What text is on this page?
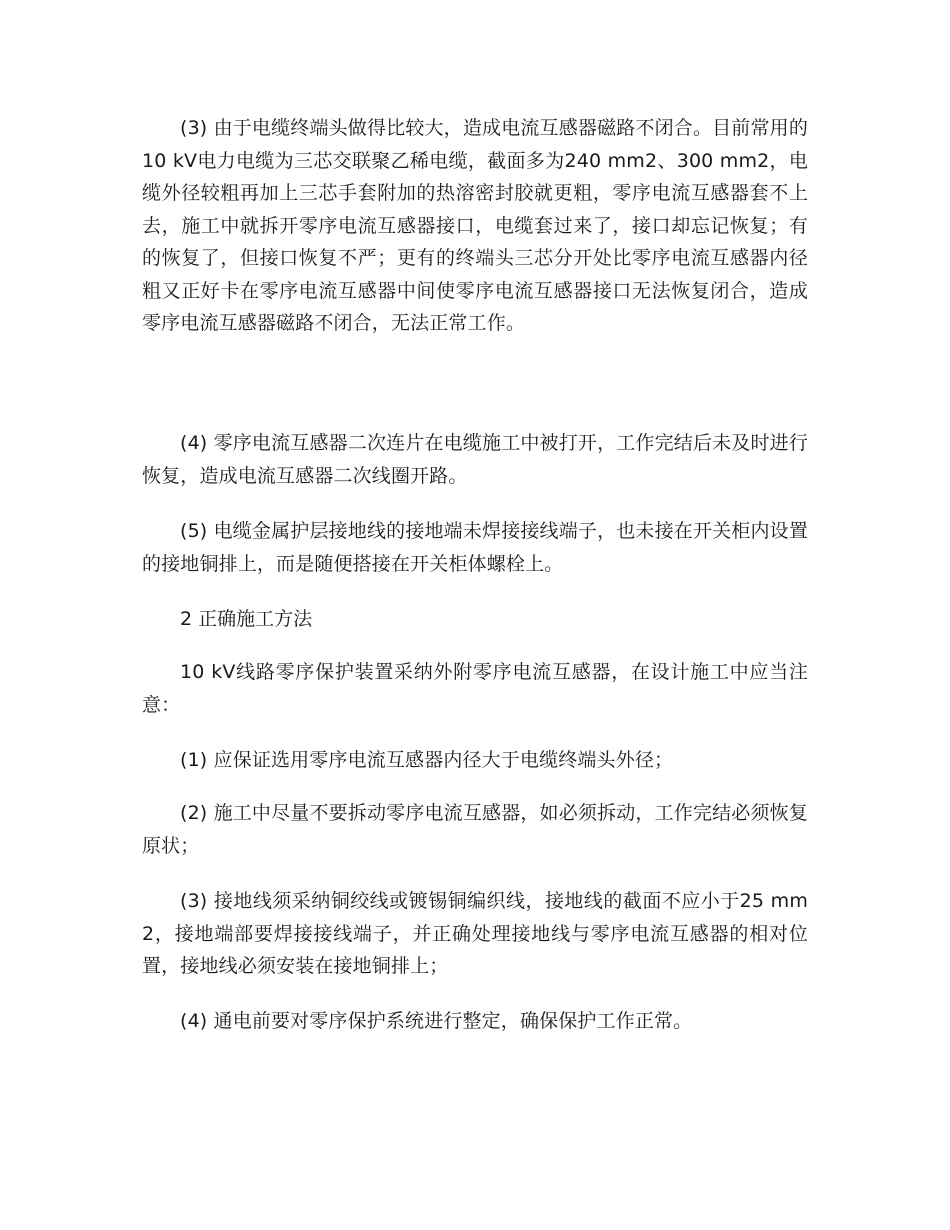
(3) 由于电缆终端头做得比较大，造成电流互感器磁路不闭合。目前常用的10 kV电力电缆为三芯交联聚乙稀电缆，截面多为240 mm2、300 mm2，电缆外径较粗再加上三芯手套附加的热溶密封胶就更粗，零序电流互感器套不上去，施工中就拆开零序电流互感器接口，电缆套过来了，接口却忘记恢复；有的恢复了，但接口恢复不严；更有的终端头三芯分开处比零序电流互感器内径粗又正好卡在零序电流互感器中间使零序电流互感器接口无法恢复闭合，造成零序电流互感器磁路不闭合，无法正常工作。

(4) 零序电流互感器二次连片在电缆施工中被打开，工作完结后未及时进行恢复，造成电流互感器二次线圈开路。

(5) 电缆金属护层接地线的接地端未焊接接线端子，也未接在开关柜内设置的接地铜排上，而是随便搭接在开关柜体螺栓上。

2 正确施工方法

10 kV线路零序保护装置采纳外附零序电流互感器，在设计施工中应当注意：

(1) 应保证选用零序电流互感器内径大于电缆终端头外径；

(2) 施工中尽量不要拆动零序电流互感器，如必须拆动，工作完结必须恢复原状；

(3) 接地线须采纳铜绞线或镀锡铜编织线，接地线的截面不应小于25 mm2，接地端部要焊接接线端子，并正确处理接地线与零序电流互感器的相对位置，接地线必须安装在接地铜排上；

(4) 通电前要对零序保护系统进行整定，确保保护工作正常。
